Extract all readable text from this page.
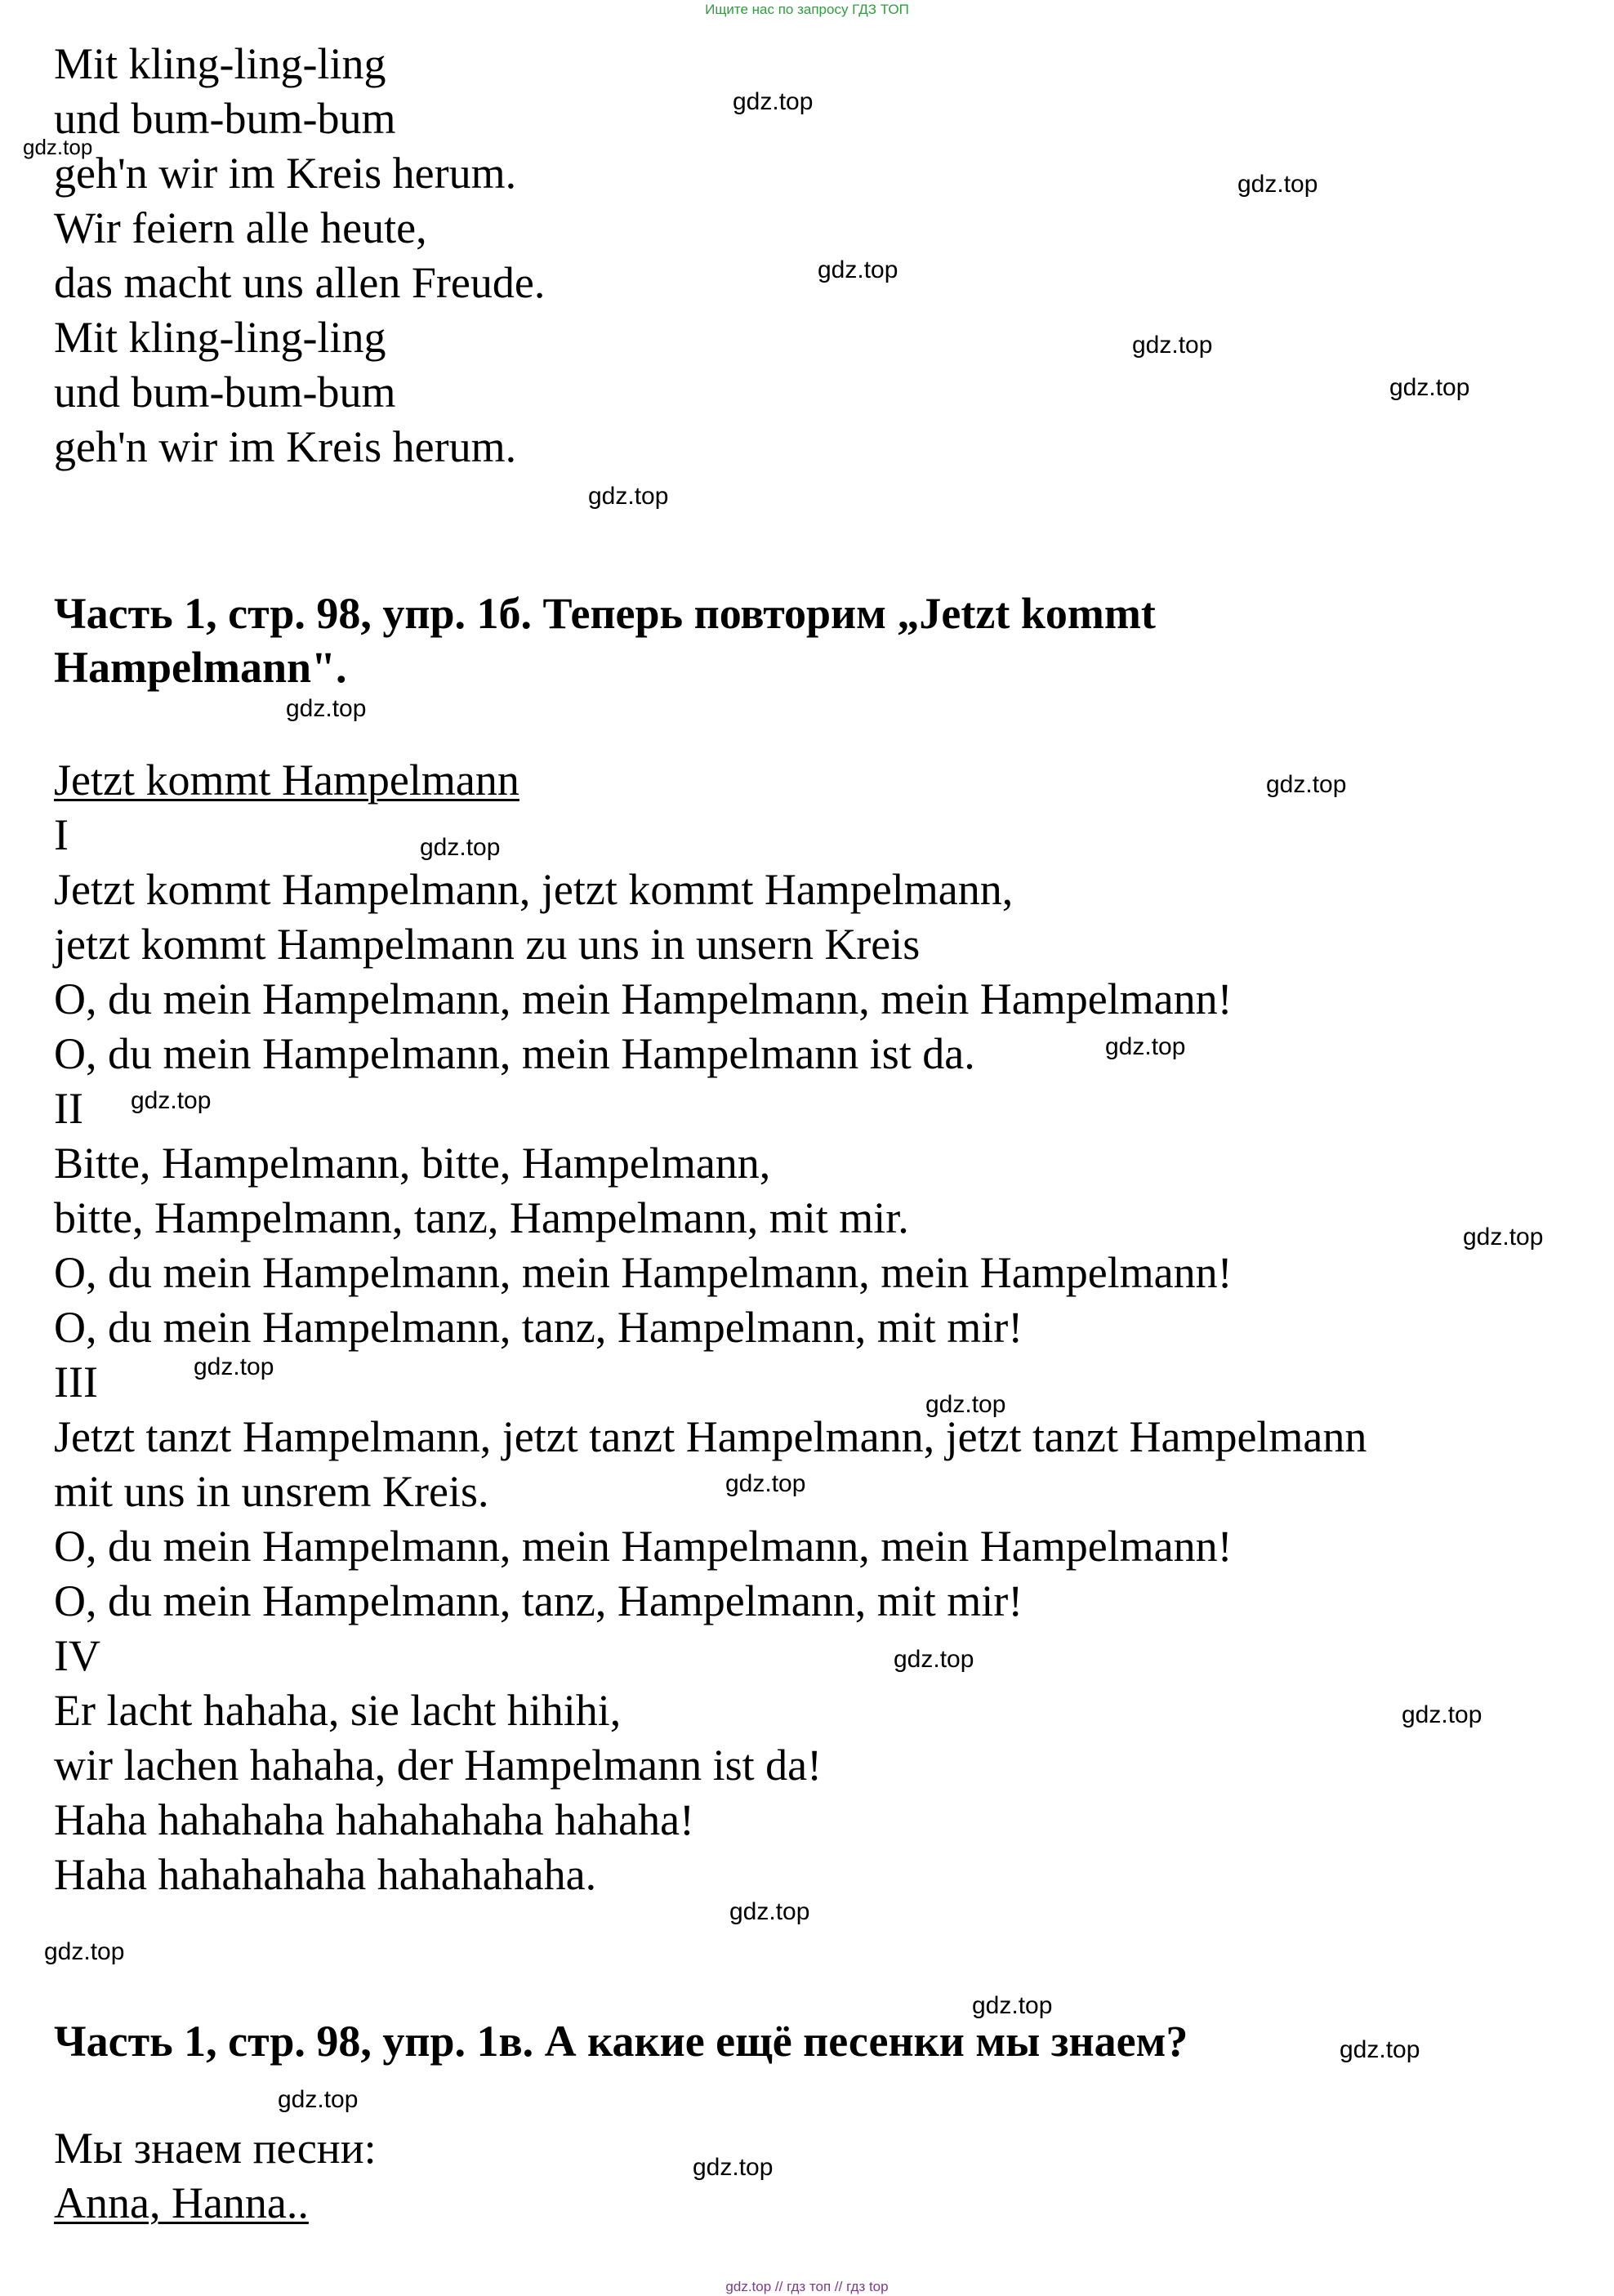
Ищите нас по запросу ГДЗ ТОП
Mit kling-ling-ling
und bum-bum-bum
geh'n wir im Kreis herum.
Wir feiern alle heute,
das macht uns allen Freude.
Mit kling-ling-ling
und bum-bum-bum
geh'n wir im Kreis herum.
Часть 1, стр. 98, упр. 1б. Теперь повторим „Jetzt kommt
Hampelmann".
Jetzt kommt Hampelmann
I
Jetzt kommt Hampelmann, jetzt kommt Hampelmann,
jetzt kommt Hampelmann zu uns in unsern Kreis
O, du mein Hampelmann, mein Hampelmann, mein Hampelmann!
O, du mein Hampelmann, mein Hampelmann ist da.
II
Bitte, Hampelmann, bitte, Hampelmann,
bitte, Hampelmann, tanz, Hampelmann, mit mir.
O, du mein Hampelmann, mein Hampelmann, mein Hampelmann!
O, du mein Hampelmann, tanz, Hampelmann, mit mir!
III
Jetzt tanzt Hampelmann, jetzt tanzt Hampelmann, jetzt tanzt Hampelmann
mit uns in unsrem Kreis.
O, du mein Hampelmann, mein Hampelmann, mein Hampelmann!
O, du mein Hampelmann, tanz, Hampelmann, mit mir!
IV
Er lacht hahaha, sie lacht hihihi,
wir lachen hahaha, der Hampelmann ist da!
Haha hahahaha hahahahaha hahaha!
Haha hahahahaha hahahahaha.
Часть 1, стр. 98, упр. 1в. А какие ещё песенки мы знаем?
Мы знаем песни:
Anna, Hanna..
gdz.top
gdz.top
gdz.top
gdz.top
gdz.top
gdz.top
gdz.top
gdz.top
gdz.top
gdz.top
gdz.top
gdz.top
gdz.top
gdz.top
gdz.top
gdz.top
gdz.top
gdz.top
gdz.top
gdz.top
gdz.top
gdz.top
gdz.top
gdz.top
gdz.top // гдз топ // гдз top
